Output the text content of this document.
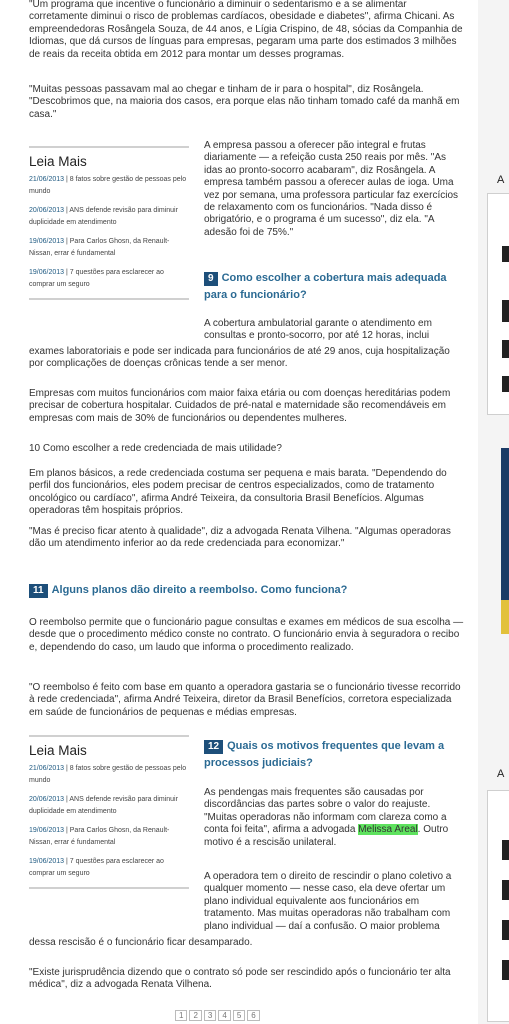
"Um programa que incentive o funcionário a diminuir o sedentarismo e a se alimentar corretamente diminui o risco de problemas cardíacos, obesidade e diabetes", afirma Chicani. As empreendedoras Rosângela Souza, de 44 anos, e Lígia Crispino, de 48, sócias da Companhia de Idiomas, que dá cursos de línguas para empresas, pegaram uma parte dos estimados 3 milhões de reais da receita obtida em 2012 para montar um desses programas.

"Muitas pessoas passavam mal ao chegar e tinham de ir para o hospital", diz Rosângela. "Descobrimos que, na maioria dos casos, era porque elas não tinham tomado café da manhã em casa."

Leia Mais
21/06/2013 | 8 fatos sobre gestão de pessoas pelo mundo
20/06/2013 | ANS defende revisão para diminuir duplicidade em atendimento
19/06/2013 | Para Carlos Ghosn, da Renault-Nissan, errar é fundamental
19/06/2013 | 7 questões para esclarecer ao comprar um seguro

A empresa passou a oferecer pão integral e frutas diariamente — a refeição custa 250 reais por mês. "As idas ao pronto-socorro acabaram", diz Rosângela. A empresa também passou a oferecer aulas de ioga. Uma vez por semana, uma professora particular faz exercícios de relaxamento com os funcionários. "Nada disso é obrigatório, e o programa é um sucesso", diz ela. "A adesão foi de 75%."

9 Como escolher a cobertura mais adequada para o funcionário?

A cobertura ambulatorial garante o atendimento em consultas e pronto-socorro, por até 12 horas, inclui

exames laboratoriais e pode ser indicada para funcionários de até 29 anos, cuja hospitalização por complicações de doenças crônicas tende a ser menor.

Empresas com muitos funcionários com maior faixa etária ou com doenças hereditárias podem precisar de cobertura hospitalar. Cuidados de pré-natal e maternidade são recomendáveis em empresas com mais de 30% de funcionários ou dependentes mulheres.

10 Como escolher a rede credenciada de mais utilidade?

Em planos básicos, a rede credenciada costuma ser pequena e mais barata. "Dependendo do perfil dos funcionários, eles podem precisar de centros especializados, como de tratamento oncológico ou cardíaco", afirma André Teixeira, da consultoria Brasil Benefícios. Algumas operadoras têm hospitais próprios.

"Mas é preciso ficar atento à qualidade", diz a advogada Renata Vilhena. "Algumas operadoras dão um atendimento inferior ao da rede credenciada para economizar."

11 Alguns planos dão direito a reembolso. Como funciona?

O reembolso permite que o funcionário pague consultas e exames em médicos de sua escolha — desde que o procedimento médico conste no contrato. O funcionário envia à seguradora o recibo e, dependendo do caso, um laudo que informa o procedimento realizado.

"O reembolso é feito com base em quanto a operadora gastaria se o funcionário tivesse recorrido à rede credenciada", afirma André Teixeira, diretor da Brasil Benefícios, corretora especializada em saúde de funcionários de pequenas e médias empresas.

Leia Mais
21/06/2013 | 8 fatos sobre gestão de pessoas pelo mundo
20/06/2013 | ANS defende revisão para diminuir duplicidade em atendimento
19/06/2013 | Para Carlos Ghosn, da Renault-Nissan, errar é fundamental
19/06/2013 | 7 questões para esclarecer ao comprar um seguro
12 Quais os motivos frequentes que levam a processos judiciais?

As pendengas mais frequentes são causadas por discordâncias das partes sobre o valor do reajuste. "Muitas operadoras não informam com clareza como a conta foi feita", afirma a advogada Melissa Areal. Outro motivo é a rescisão unilateral.

A operadora tem o direito de rescindir o plano coletivo a qualquer momento — nesse caso, ela deve ofertar um plano individual equivalente aos funcionários em tratamento. Mas muitas operadoras não trabalham com plano individual — daí a confusão. O maior problema

dessa rescisão é o funcionário ficar desamparado.

"Existe jurisprudência dizendo que o contrato só pode ser rescindido após o funcionário ter alta médica", diz a advogada Renata Vilhena.

1 2 3 4 5 6
A
A
